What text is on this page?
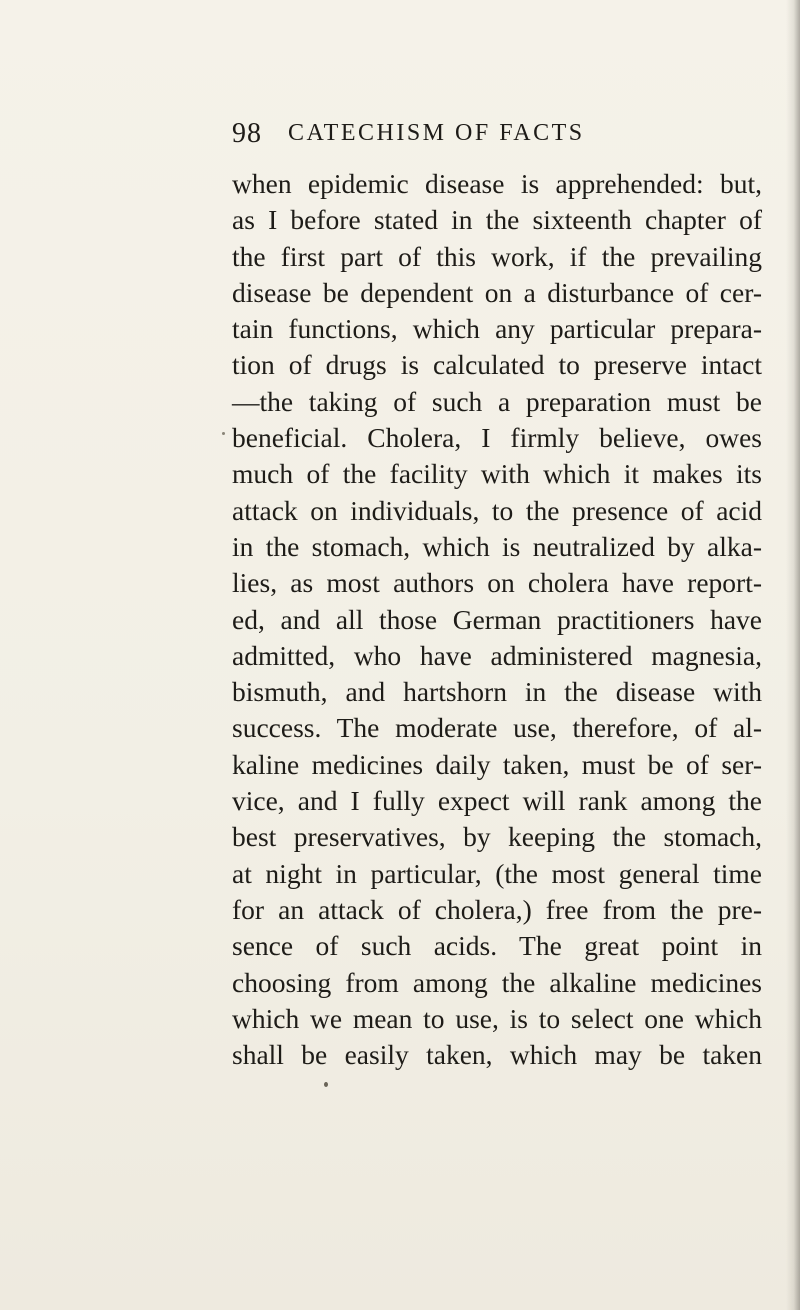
98 CATECHISM OF FACTS
when epidemic disease is apprehended: but,
as I before stated in the sixteenth chapter of
the first part of this work, if the prevailing
disease be dependent on a disturbance of cer-
tain functions, which any particular prepara-
tion of drugs is calculated to preserve intact
—the taking of such a preparation must be
beneficial. Cholera, I firmly believe, owes
much of the facility with which it makes its
attack on individuals, to the presence of acid
in the stomach, which is neutralized by alka-
lies, as most authors on cholera have report-
ed, and all those German practitioners have
admitted, who have administered magnesia,
bismuth, and hartshorn in the disease with
success. The moderate use, therefore, of al-
kaline medicines daily taken, must be of ser-
vice, and I fully expect will rank among the
best preservatives, by keeping the stomach,
at night in particular, (the most general time
for an attack of cholera,) free from the pre-
sence of such acids. The great point in
choosing from among the alkaline medicines
which we mean to use, is to select one which
shall be easily taken, which may be taken
